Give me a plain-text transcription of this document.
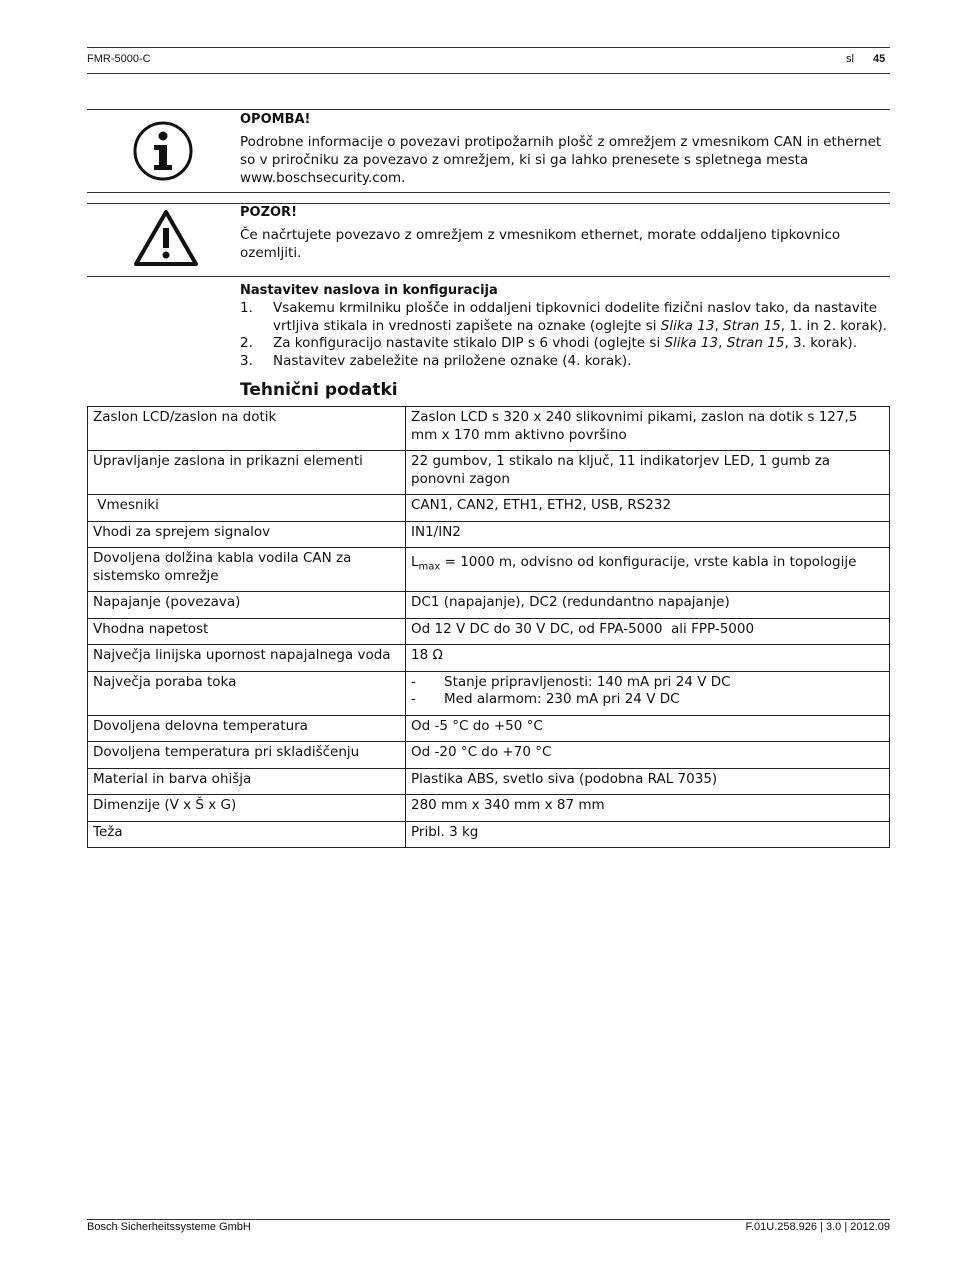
FMR-5000-C	sl 45
OPOMBA!
Podrobne informacije o povezavi protipožarnih plošč z omrežjem z vmesnikom CAN in ethernet so v priročniku za povezavo z omrežjem, ki si ga lahko prenesete s spletnega mesta www.boschsecurity.com.
POZOR!
Če načrtujete povezavo z omrežjem z vmesnikom ethernet, morate oddaljeno tipkovnico ozemljiti.
Nastavitev naslova in konfiguracija
1.	Vsakemu krmilniku plošče in oddaljeni tipkovnici dodelite fizični naslov tako, da nastavite vrtljiva stikala in vrednosti zapišete na oznake (oglejte si Slika 13, Stran 15, 1. in 2. korak).
2.	Za konfiguracijo nastavite stikalo DIP s 6 vhodi (oglejte si Slika 13, Stran 15, 3. korak).
3.	Nastavitev zabeležite na priložene oznake (4. korak).
Tehnični podatki
Zaslon LCD/zaslon na dotik	Zaslon LCD s 320 x 240 slikovnimi pikami, zaslon na dotik s 127,5 mm x 170 mm aktivno površino
Upravljanje zaslona in prikazni elementi	22 gumbov, 1 stikalo na ključ, 11 indikatorjev LED, 1 gumb za ponovni zagon
Vmesniki	CAN1, CAN2, ETH1, ETH2, USB, RS232
Vhodi za sprejem signalov	IN1/IN2
Dovoljena dolžina kabla vodila CAN za sistemsko omrežje	$L_{max} = 1000$ m, odvisno od konfiguracije, vrste kabla in topologije
Napajanje (povezava)	DC1 (napajanje), DC2 (redundantno napajanje)
Vhodna napetost	Od 12 V DC do 30 V DC, od FPA-5000  ali FPP-5000
Največja linijska upornost napajalnega voda	18 Ω
Največja poraba toka	- Stanje pripravljenosti: 140 mA pri 24 V DC
- Med alarmom: 230 mA pri 24 V DC

Dovoljena delovna temperatura	Od -5 °C do +50 °C
Dovoljena temperatura pri skladiščenju	Od -20 °C do +70 °C
Material in barva ohišja	Plastika ABS, svetlo siva (podobna RAL 7035)
Dimenzije (V x Š x G)	280 mm x 340 mm x 87 mm
Teža	Pribl. 3 kg
Bosch Sicherheitssysteme GmbH	F.01U.258.926 | 3.0 | 2012.09
